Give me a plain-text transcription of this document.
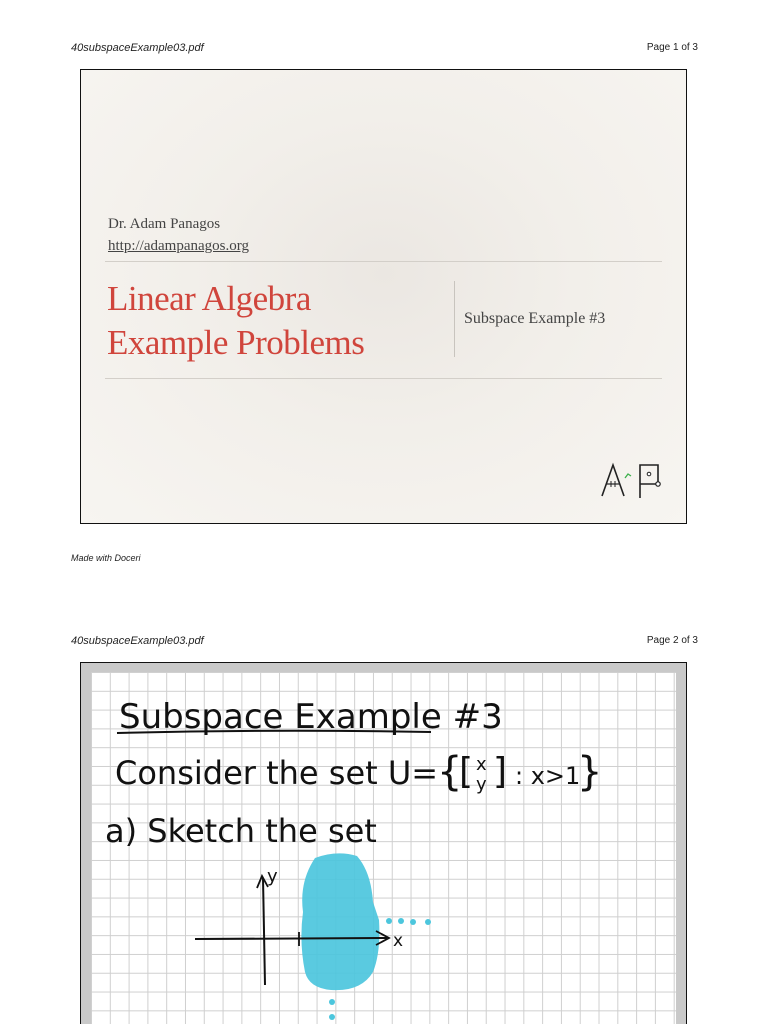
40subspaceExample03.pdf	Page 1 of 3
Dr. Adam Panagos
http://adampanagos.org
Linear Algebra
Example Problems
Subspace Example #3
Made with Doceri
40subspaceExample03.pdf	Page 2 of 3
Subspace Example #3
Consider the set U=
{
[ x
y ] : x>1
}
a) Sketch the set
y
x
